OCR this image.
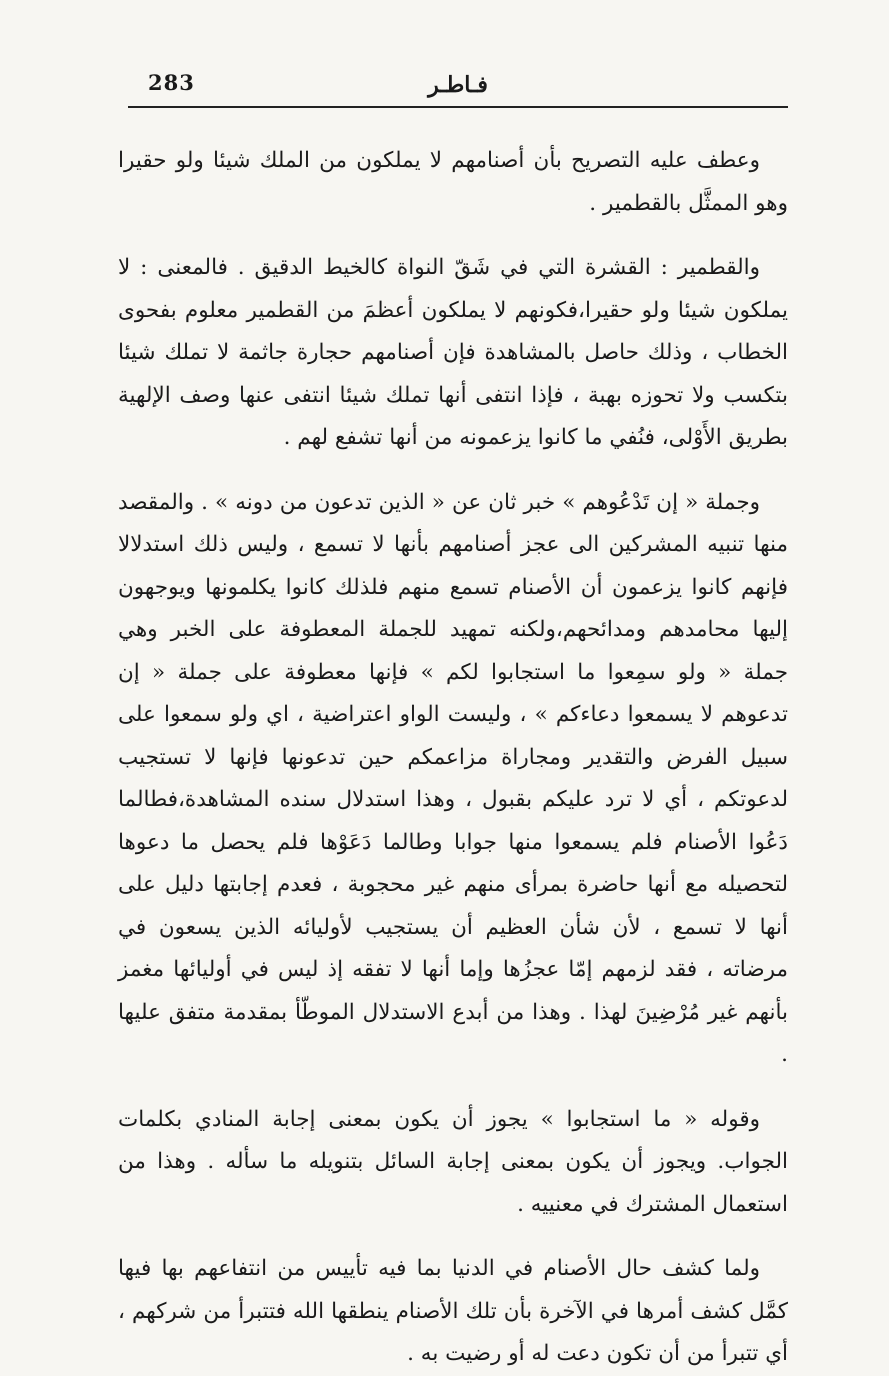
283	فـاطـر

وعطف عليه التصريح بأن أصنامهم لا يملكون من الملك شيئا ولو حقيرا وهو الممثَّل بالقطمير .

والقطمير : القشرة التي في شَقّ النواة كالخيط الدقيق . فالمعنى : لا يملكون شيئا ولو حقيرا،فكونهم لا يملكون أعظمَ من القطمير معلوم بفحوى الخطاب ، وذلك حاصل بالمشاهدة فإن أصنامهم حجارة جاثمة لا تملك شيئا بتكسب ولا تحوزه بهبة ، فإذا انتفى أنها تملك شيئا انتفى عنها وصف الإلهية بطريق الأَوْلى، فنُفي ما كانوا يزعمونه من أنها تشفع لهم .

وجملة « إن تَدْعُوهم » خبر ثان عن « الذين تدعون من دونه » . والمقصد منها تنبيه المشركين الى عجز أصنامهم بأنها لا تسمع ، وليس ذلك استدلالا فإنهم كانوا يزعمون أن الأصنام تسمع منهم فلذلك كانوا يكلمونها ويوجهون إليها محامدهم ومدائحهم،ولكنه تمهيد للجملة المعطوفة على الخبر وهي جملة « ولو سمِعوا ما استجابوا لكم » فإنها معطوفة على جملة « إن تدعوهم لا يسمعوا دعاءكم » ، وليست الواو اعتراضية ، اي ولو سمعوا على سبيل الفرض والتقدير ومجاراة مزاعمكم حين تدعونها فإنها لا تستجيب لدعوتكم ، أي لا ترد عليكم بقبول ، وهذا استدلال سنده المشاهدة،فطالما دَعُوا الأصنام فلم يسمعوا منها جوابا وطالما دَعَوْها فلم يحصل ما دعوها لتحصيله مع أنها حاضرة بمرأى منهم غير محجوبة ، فعدم إجابتها دليل على أنها لا تسمع ، لأن شأن العظيم أن يستجيب لأوليائه الذين يسعون في مرضاته ، فقد لزمهم إمّا عجزُها وإما أنها لا تفقه إذ ليس في أوليائها مغمز بأنهم غير مُرْضِينَ لهذا . وهذا من أبدع الاستدلال الموطّأ بمقدمة متفق عليها .

وقوله « ما استجابوا » يجوز أن يكون بمعنى إجابة المنادي بكلمات الجواب. ويجوز أن يكون بمعنى إجابة السائل بتنويله ما سأله . وهذا من استعمال المشترك في معنييه .

ولما كشف حال الأصنام في الدنيا بما فيه تأييس من انتفاعهم بها فيها كمَّل كشف أمرها في الآخرة بأن تلك الأصنام ينطقها الله فتتبرأ من شركهم ، أي تتبرأ من أن تكون دعت له أو رضيت به .
